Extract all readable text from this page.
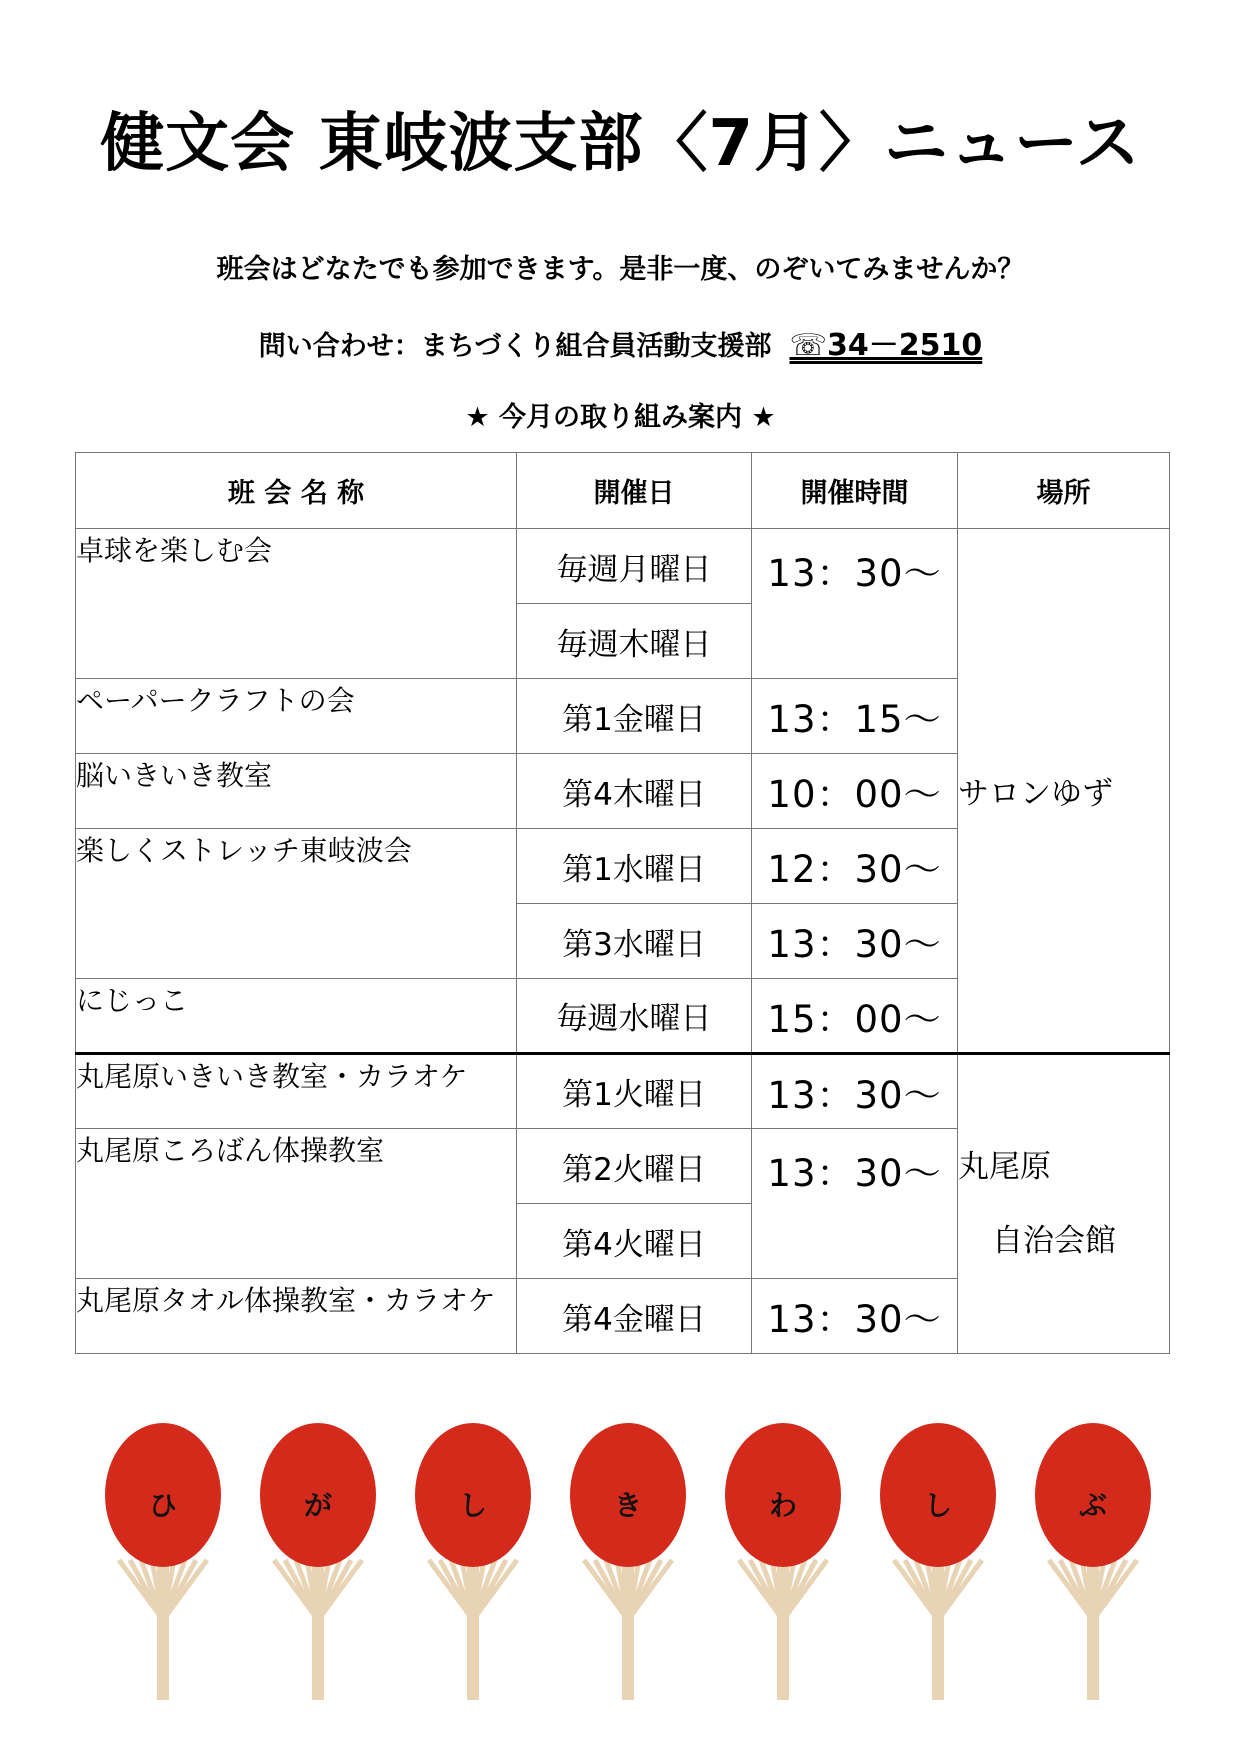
健文会 東岐波支部〈7月〉ニュース
班会はどなたでも参加できます。是非一度、のぞいてみませんか？
問い合わせ：まちづくり組合員活動支援部 ☏34－2510
★ 今月の取り組み案内 ★
班 会 名 称	開催日	開催時間	場所
卓球を楽しむ会	毎週月曜日	13：30～	サロンゆず
	毎週木曜日		
ペーパークラフトの会	第1金曜日	13：15～	
脳いきいき教室	第4木曜日	10：00～	
楽しくストレッチ東岐波会	第1水曜日	12：30～	
	第3水曜日	13：30～	
にじっこ	毎週水曜日	15：00～	
丸尾原いきいき教室・カラオケ	第1火曜日	13：30～	丸尾原
自治会館

丸尾原ころばん体操教室	第2火曜日	13：30～	
	第4火曜日		
丸尾原タオル体操教室・カラオケ	第4金曜日	13：30～	
ひ	が	し	き	わ	し	ぶ
